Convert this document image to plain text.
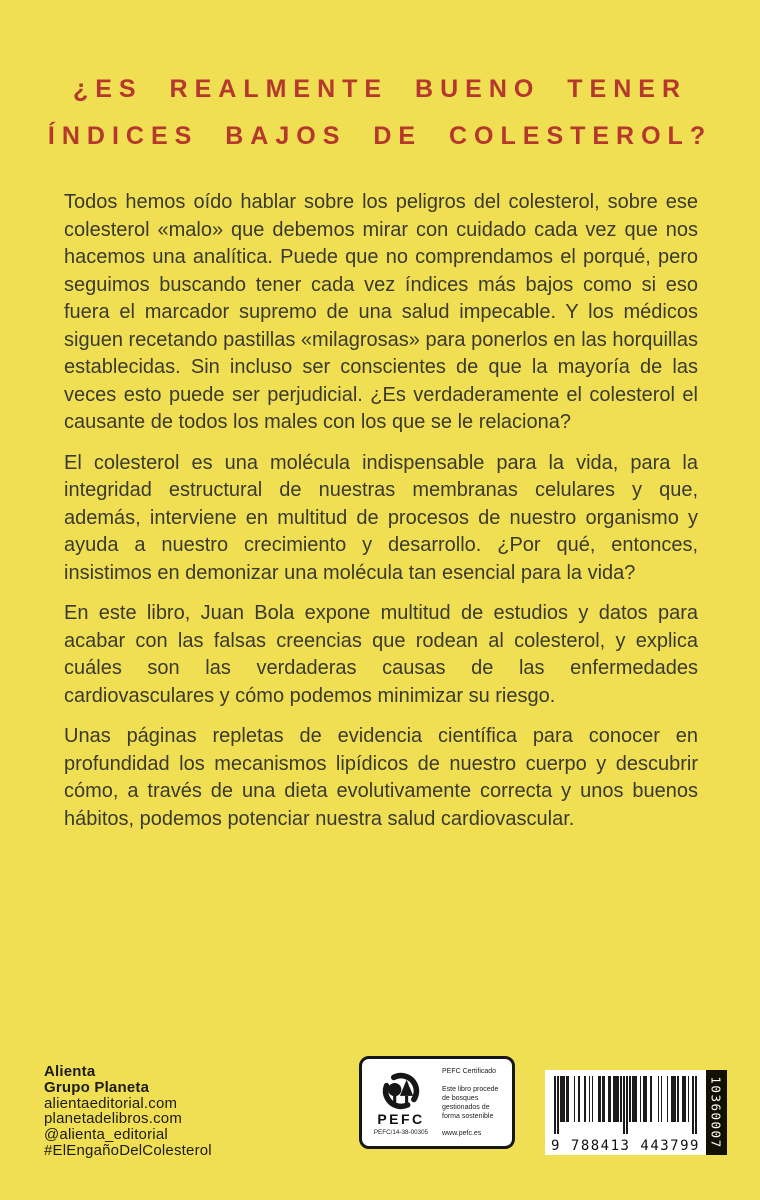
¿ES REALMENTE BUENO TENER
ÍNDICES BAJOS DE COLESTEROL?

Todos hemos oído hablar sobre los peligros del colesterol, sobre ese colesterol «malo» que debemos mirar con cuidado cada vez que nos hacemos una analítica. Puede que no comprendamos el porqué, pero seguimos buscando tener cada vez índices más bajos como si eso fuera el marcador supremo de una salud impecable. Y los médicos siguen recetando pastillas «milagrosas» para ponerlos en las horquillas establecidas. Sin incluso ser conscientes de que la mayoría de las veces esto puede ser perjudicial. ¿Es verdaderamente el colesterol el causante de todos los males con los que se le relaciona?

El colesterol es una molécula indispensable para la vida, para la integridad estructural de nuestras membranas celulares y que, además, interviene en multitud de procesos de nuestro organismo y ayuda a nuestro crecimiento y desarrollo. ¿Por qué, entonces, insistimos en demonizar una molécula tan esencial para la vida?

En este libro, Juan Bola expone multitud de estudios y datos para acabar con las falsas creencias que rodean al colesterol, y explica cuáles son las verdaderas causas de las enfermedades cardiovasculares y cómo podemos minimizar su riesgo.

Unas páginas repletas de evidencia científica para conocer en profundidad los mecanismos lipídicos de nuestro cuerpo y descubrir cómo, a través de una dieta evolutivamente correcta y unos buenos hábitos, podemos potenciar nuestra salud cardiovascular.

Alienta
Grupo Planeta
alientaeditorial.com
planetadelibros.com
@alienta_editorial
#ElEngañoDelColesterol
PEFC
PEFC/14-38-00305
PEFC Certificado
Este libro procede de bosques gestionados de forma sostenible
www.pefc.es
9 788413 443799 10360007
